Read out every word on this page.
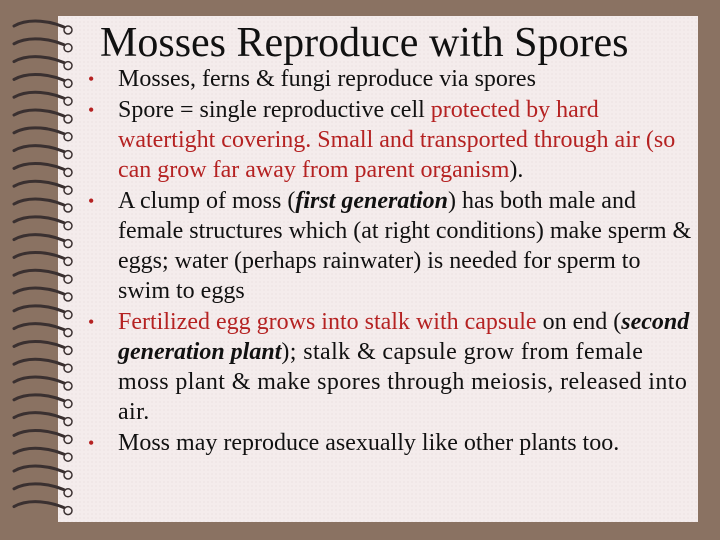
Mosses Reproduce with Spores
• Mosses, ferns & fungi reproduce via spores
• Spore = single reproductive cell protected by hard watertight covering. Small and transported through air (so can grow far away from parent organism).
• A clump of moss (first generation) has both male and female structures which (at right conditions) make sperm & eggs; water (perhaps rainwater) is needed for sperm to swim to eggs
• Fertilized egg grows into stalk with capsule on end (second generation plant); stalk & capsule grow from female moss plant & make spores through meiosis, released into air.
• Moss may reproduce asexually like other plants too.
